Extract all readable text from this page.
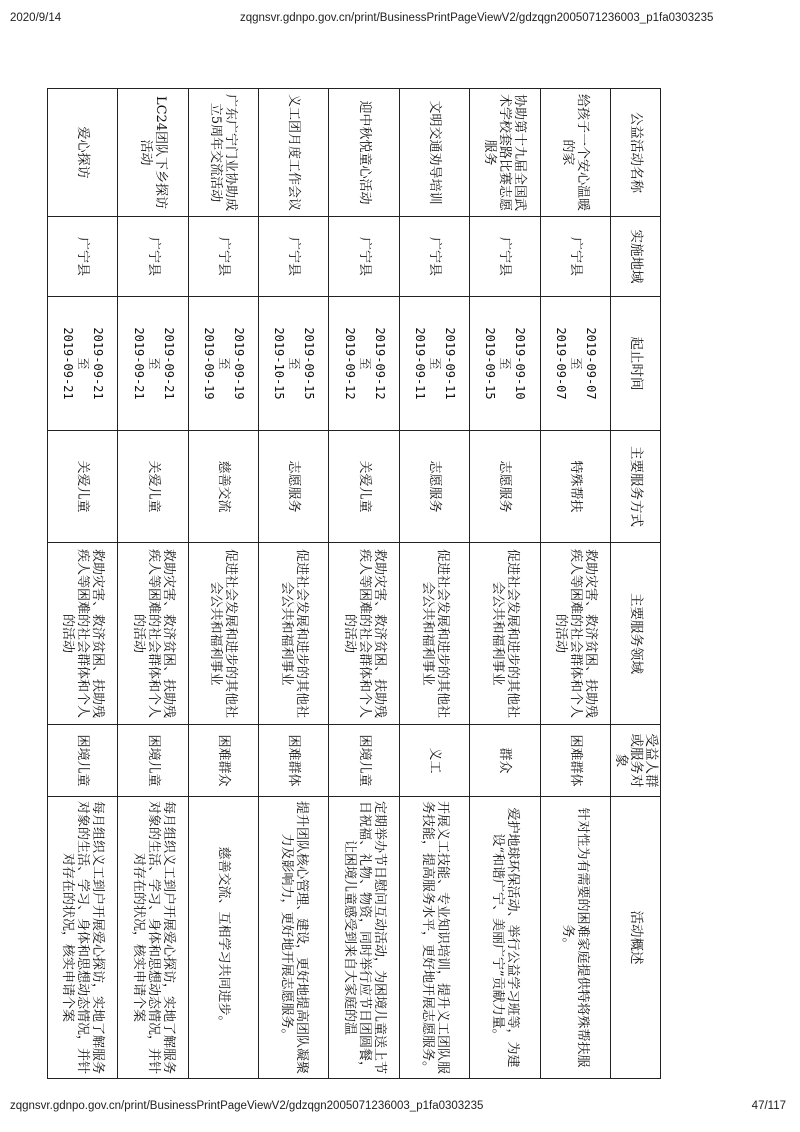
2020/9/14	zqgnsvr.gdnpo.gov.cn/print/BusinessPrintPageViewV2/gdzqgn2005071236003_p1fa0303235
公益活动名称	实施地域	起止时间	主要服务方式	主要服务领域	受益人群或服务对象	活动概述
给孩子一个安心温暖的家	广宁县	2019-09-07
至
2019-09-07	特殊帮扶	救助灾害、救济贫困、扶助残疾人等困难的社会群体和个人的活动	困难群体	针对性为有需要的困难家庭提供特将殊帮扶服务。
协助第十九届全国武术学校套路比赛志愿服务	广宁县	2019-09-10
至
2019-09-15	志愿服务	促进社会发展和进步的其他社会公共和福利事业	群众	爱护地球环保活动、举行公益学习班等，为建设“和谐广宁、美丽广宁”贡献力量。
文明交通劝导培训	广宁县	2019-09-11
至
2019-09-11	志愿服务	促进社会发展和进步的其他社会公共和福利事业	义工	开展义工技能、专业知识培训，提升义工团队服务技能，提高服务水平，更好地开展志愿服务。
迎中秋悦童心活动	广宁县	2019-09-12
至
2019-09-12	关爱儿童	救助灾害、救济贫困、扶助残疾人等困难的社会群体和个人的活动	困境儿童	定期举办节日慰问互动活动，为困境儿童送上节日祝福、礼物、物资，同时举行应节日团圆餐，让困境儿童感受到来自大家庭的温
义工团月度工作会议	广宁县	2019-09-15
至
2019-10-15	志愿服务	促进社会发展和进步的其他社会公共和福利事业	困难群体	提升团队核心管理、建设，更好地提高团队凝聚力及影响力，更好地开展志愿服务。
广东广宁门业协助成立5周年交流活动	广宁县	2019-09-19
至
2019-09-19	慈善交流	促进社会发展和进步的其他社会公共和福利事业	困难群众	慈善交流、互相学习共同进步。
LC24团队下乡探访活动	广宁县	2019-09-21
至
2019-09-21	关爱儿童	救助灾害、救济贫困、扶助残疾人等困难的社会群体和个人的活动	困境儿童	每月组织义工到户开展爱心探访，实地了解服务对象的生活、学习、身体和思想动态情况，并针对存在的状况，核实申请个案
爱心探访	广宁县	2019-09-21
至
2019-09-21	关爱儿童	救助灾害、救济贫困、扶助残疾人等困难的社会群体和个人的活动	困境儿童	每月组织义工到户开展爱心探访，实地了解服务对象的生活、学习、身体和思想动态情况，并针对存在的状况，核实申请个案
zqgnsvr.gdnpo.gov.cn/print/BusinessPrintPageViewV2/gdzqgn2005071236003_p1fa0303235	47/117
